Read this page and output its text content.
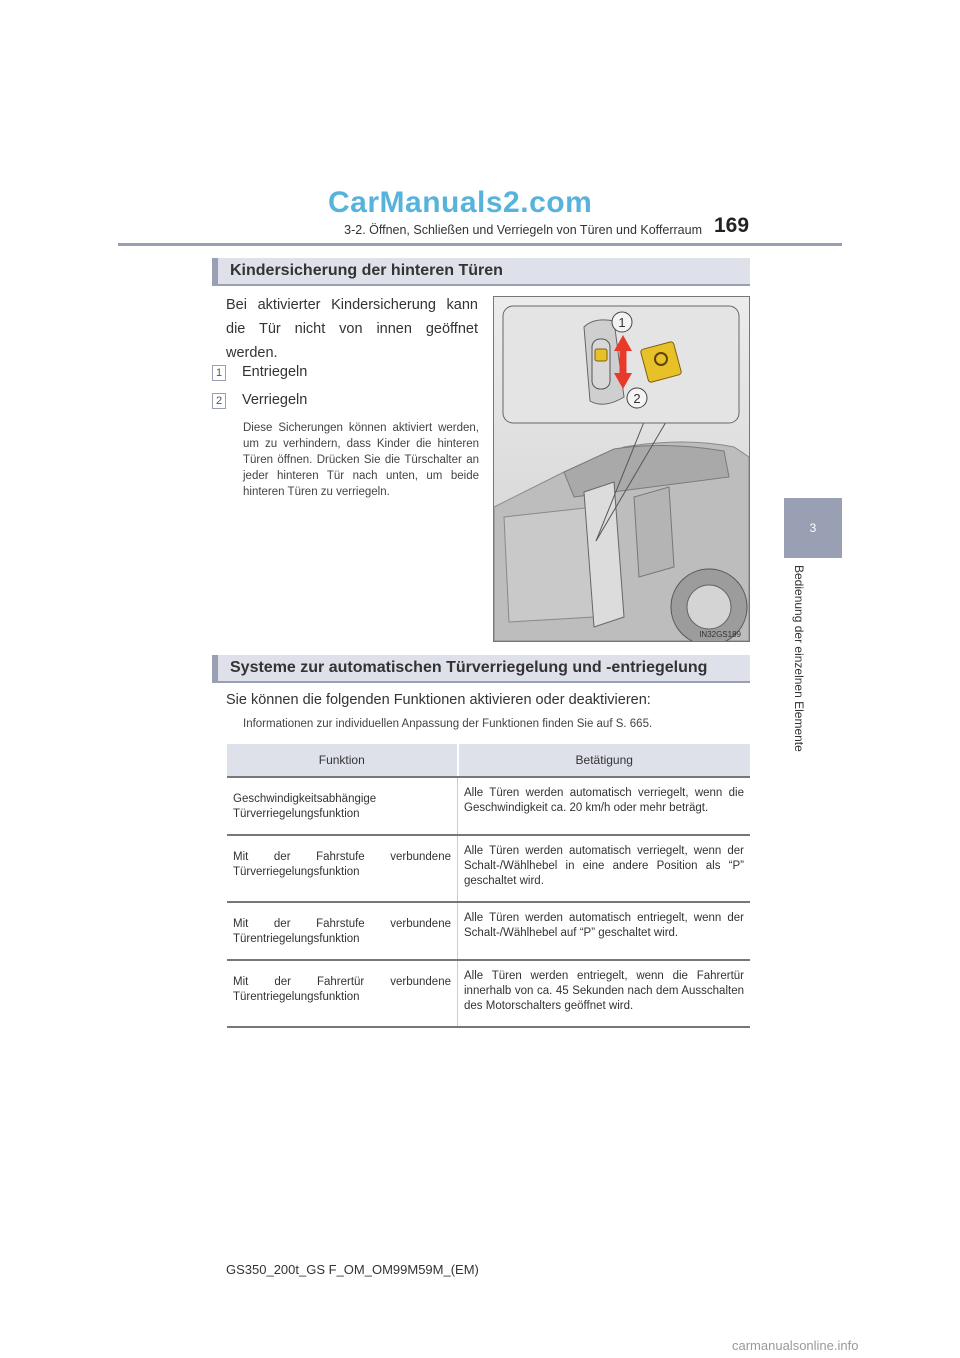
CarManuals2.com
3-2. Öffnen, Schließen und Verriegeln von Türen und Kofferraum 169
3
Bedienung der einzelnen Elemente
Kindersicherung der hinteren Türen
Bei aktivierter Kindersicherung kann die Tür nicht von innen geöffnet werden.
1 Entriegeln
2 Verriegeln
Diese Sicherungen können aktiviert werden, um zu verhindern, dass Kinder die hinteren Türen öffnen. Drücken Sie die Türschalter an jeder hinteren Tür nach unten, um beide hinteren Türen zu verriegeln.
1
2
IN32GS189
Systeme zur automatischen Türverriegelung und -entriegelung
Sie können die folgenden Funktionen aktivieren oder deaktivieren:
Informationen zur individuellen Anpassung der Funktionen finden Sie auf S. 665.
Funktion	Betätigung
Geschwindigkeitsabhängige Türverriegelungsfunktion	Alle Türen werden automatisch verriegelt, wenn die Geschwindigkeit ca. 20 km/h oder mehr beträgt.
Mit der Fahrstufe verbundene Türverriegelungsfunktion	Alle Türen werden automatisch verriegelt, wenn der Schalt-/Wählhebel in eine andere Position als “P” geschaltet wird.
Mit der Fahrstufe verbundene Türentriegelungsfunktion	Alle Türen werden automatisch entriegelt, wenn der Schalt-/Wählhebel auf “P” geschaltet wird.
Mit der Fahrertür verbundene Türentriegelungsfunktion	Alle Türen werden entriegelt, wenn die Fahrertür innerhalb von ca. 45 Sekunden nach dem Ausschalten des Motorschalters geöffnet wird.
GS350_200t_GS F_OM_OM99M59M_(EM)
carmanualsonline.info
